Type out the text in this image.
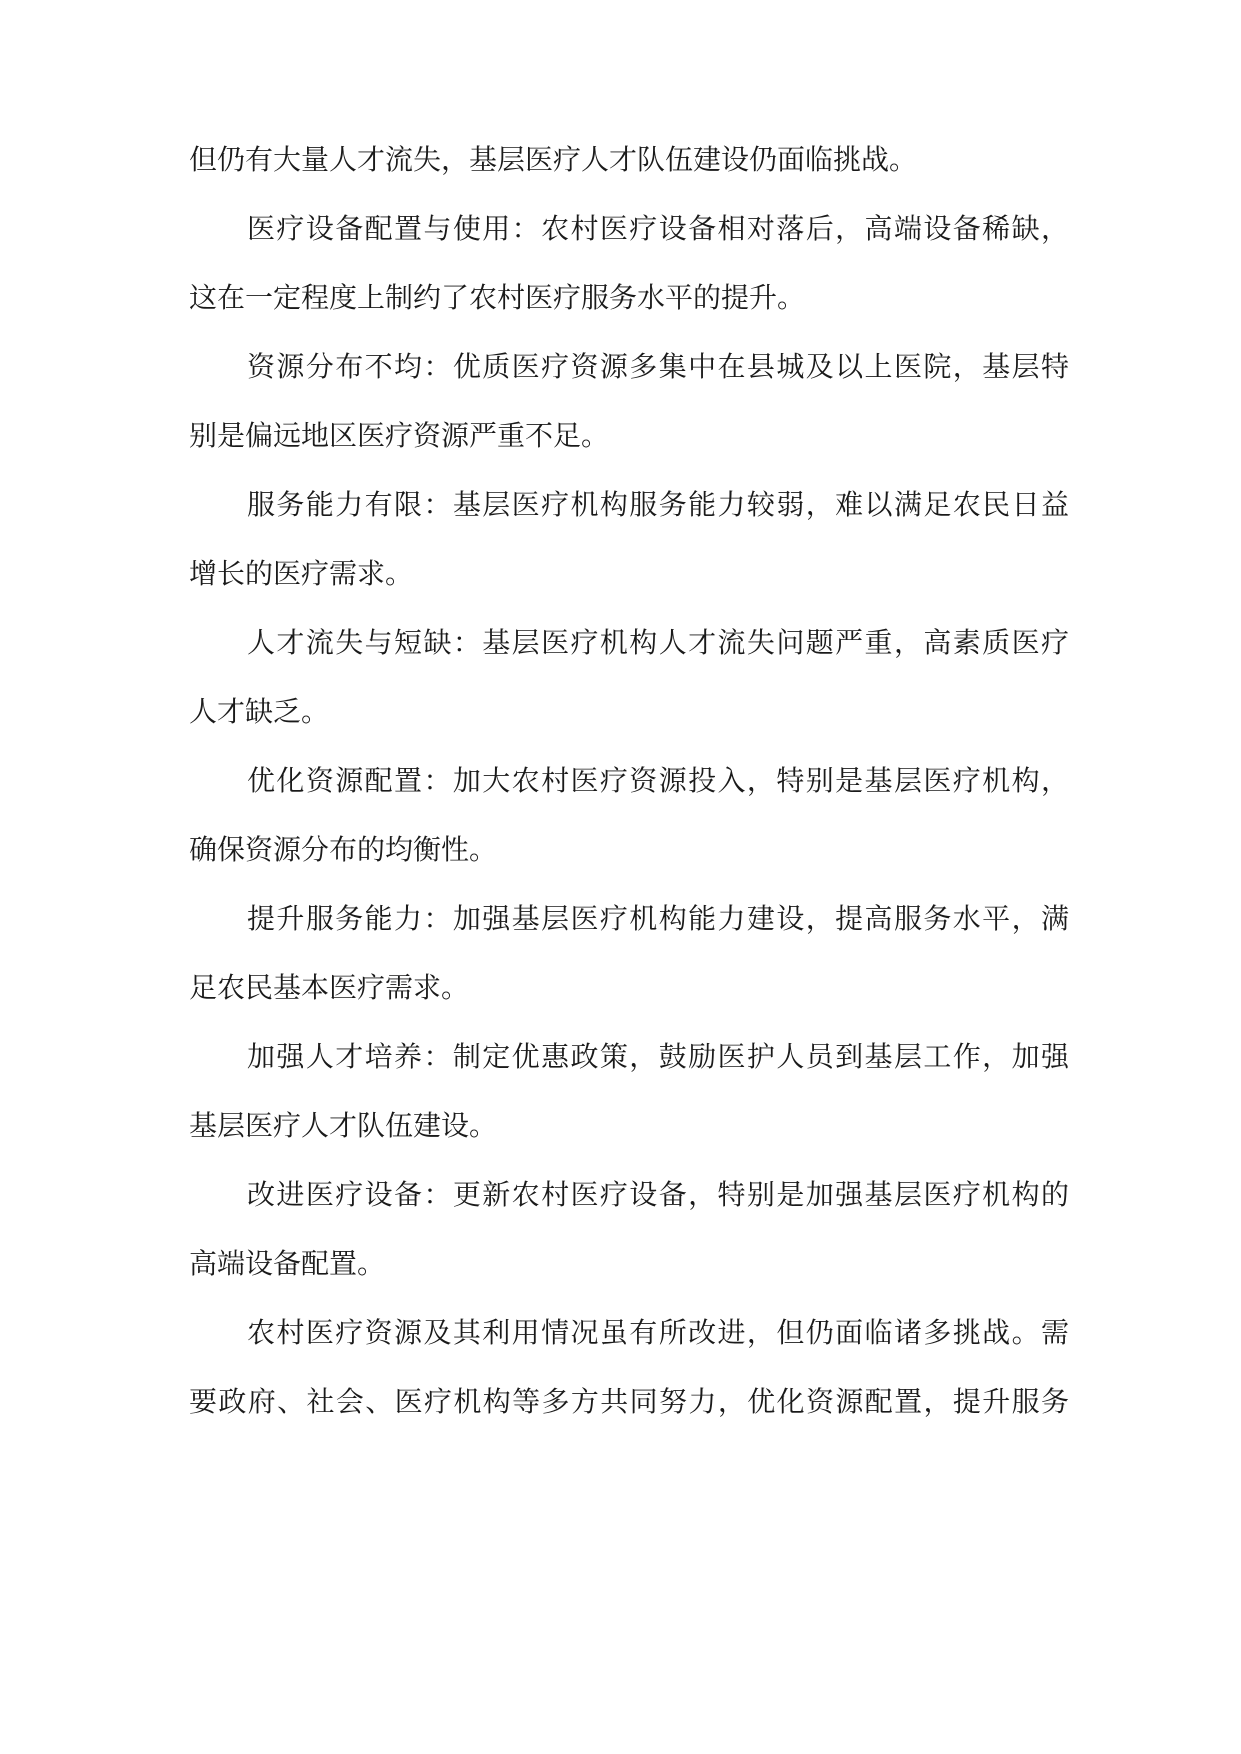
但仍有大量人才流失，基层医疗人才队伍建设仍面临挑战。
医疗设备配置与使用：农村医疗设备相对落后，高端设备稀缺，
这在一定程度上制约了农村医疗服务水平的提升。
资源分布不均：优质医疗资源多集中在县城及以上医院，基层特
别是偏远地区医疗资源严重不足。
服务能力有限：基层医疗机构服务能力较弱，难以满足农民日益
增长的医疗需求。
人才流失与短缺：基层医疗机构人才流失问题严重，高素质医疗
人才缺乏。
优化资源配置：加大农村医疗资源投入，特别是基层医疗机构，
确保资源分布的均衡性。
提升服务能力：加强基层医疗机构能力建设，提高服务水平，满
足农民基本医疗需求。
加强人才培养：制定优惠政策，鼓励医护人员到基层工作，加强
基层医疗人才队伍建设。
改进医疗设备：更新农村医疗设备，特别是加强基层医疗机构的
高端设备配置。
农村医疗资源及其利用情况虽有所改进，但仍面临诸多挑战。需
要政府、社会、医疗机构等多方共同努力，优化资源配置，提升服务
